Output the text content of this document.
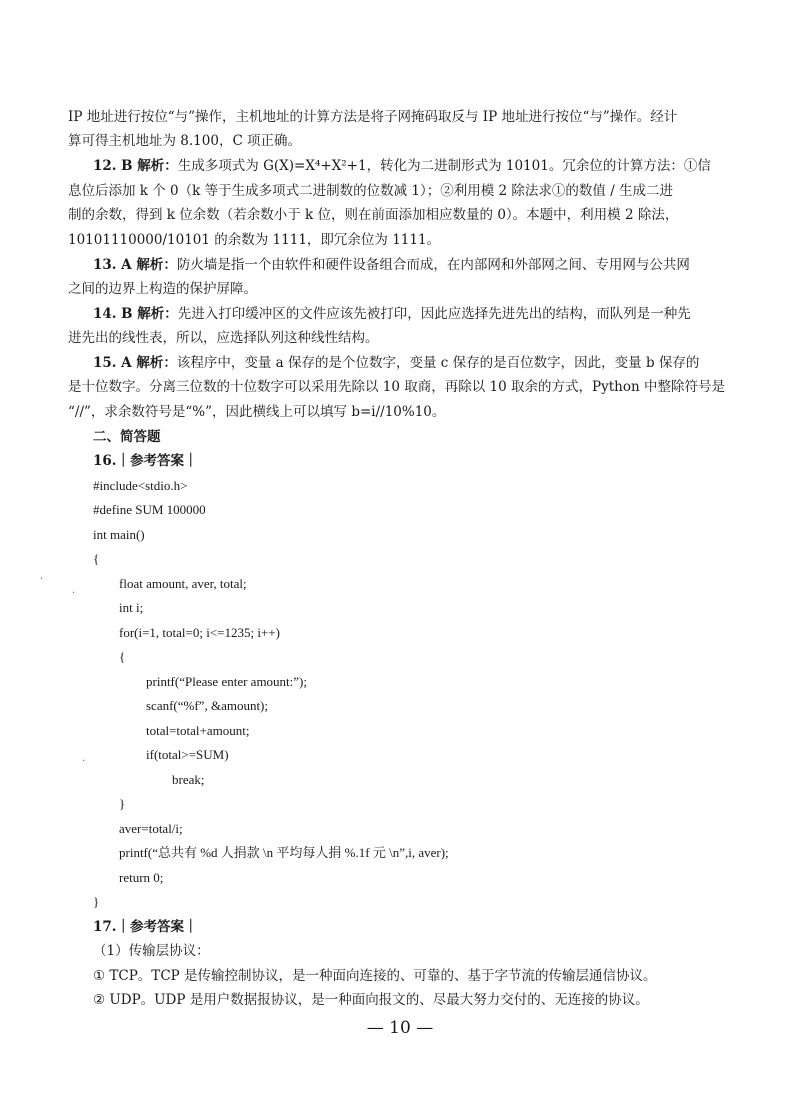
IP 地址进行按位“与”操作，主机地址的计算方法是将子网掩码取反与 IP 地址进行按位“与”操作。经计
算可得主机地址为 8.100，C 项正确。
12. B 解析：生成多项式为 G(X)=X⁴+X²+1，转化为二进制形式为 10101。冗余位的计算方法：①信
息位后添加 k 个 0（k 等于生成多项式二进制数的位数减 1）；②利用模 2 除法求①的数值 / 生成二进
制的余数，得到 k 位余数（若余数小于 k 位，则在前面添加相应数量的 0）。本题中，利用模 2 除法，
10101110000/10101 的余数为 1111，即冗余位为 1111。
13. A 解析：防火墙是指一个由软件和硬件设备组合而成，在内部网和外部网之间、专用网与公共网
之间的边界上构造的保护屏障。
14. B 解析：先进入打印缓冲区的文件应该先被打印，因此应选择先进先出的结构，而队列是一种先
进先出的线性表，所以，应选择队列这种线性结构。
15. A 解析：该程序中，变量 a 保存的是个位数字，变量 c 保存的是百位数字，因此，变量 b 保存的
是十位数字。分离三位数的十位数字可以采用先除以 10 取商，再除以 10 取余的方式，Python 中整除符号是
“//”，求余数符号是“%”，因此横线上可以填写 b=i//10%10。
二、简答题
16.｜参考答案｜
#include<stdio.h>
#define SUM 100000
int main()
{
float amount, aver, total;
int i;
for(i=1, total=0; i<=1235; i++)
{
printf(“Please enter amount:”);
scanf(“%f”, &amount);
total=total+amount;
if(total>=SUM)
break;
}
aver=total/i;
printf(“总共有 %d 人捐款 \n 平均每人捐 %.1f 元 \n”,i, aver);
return 0;
}
17.｜参考答案｜
（1）传输层协议：
① TCP。TCP 是传输控制协议，是一种面向连接的、可靠的、基于字节流的传输层通信协议。
② UDP。UDP 是用户数据报协议，是一种面向报文的、尽最大努力交付的、无连接的协议。
— 10 —
·
·
·
